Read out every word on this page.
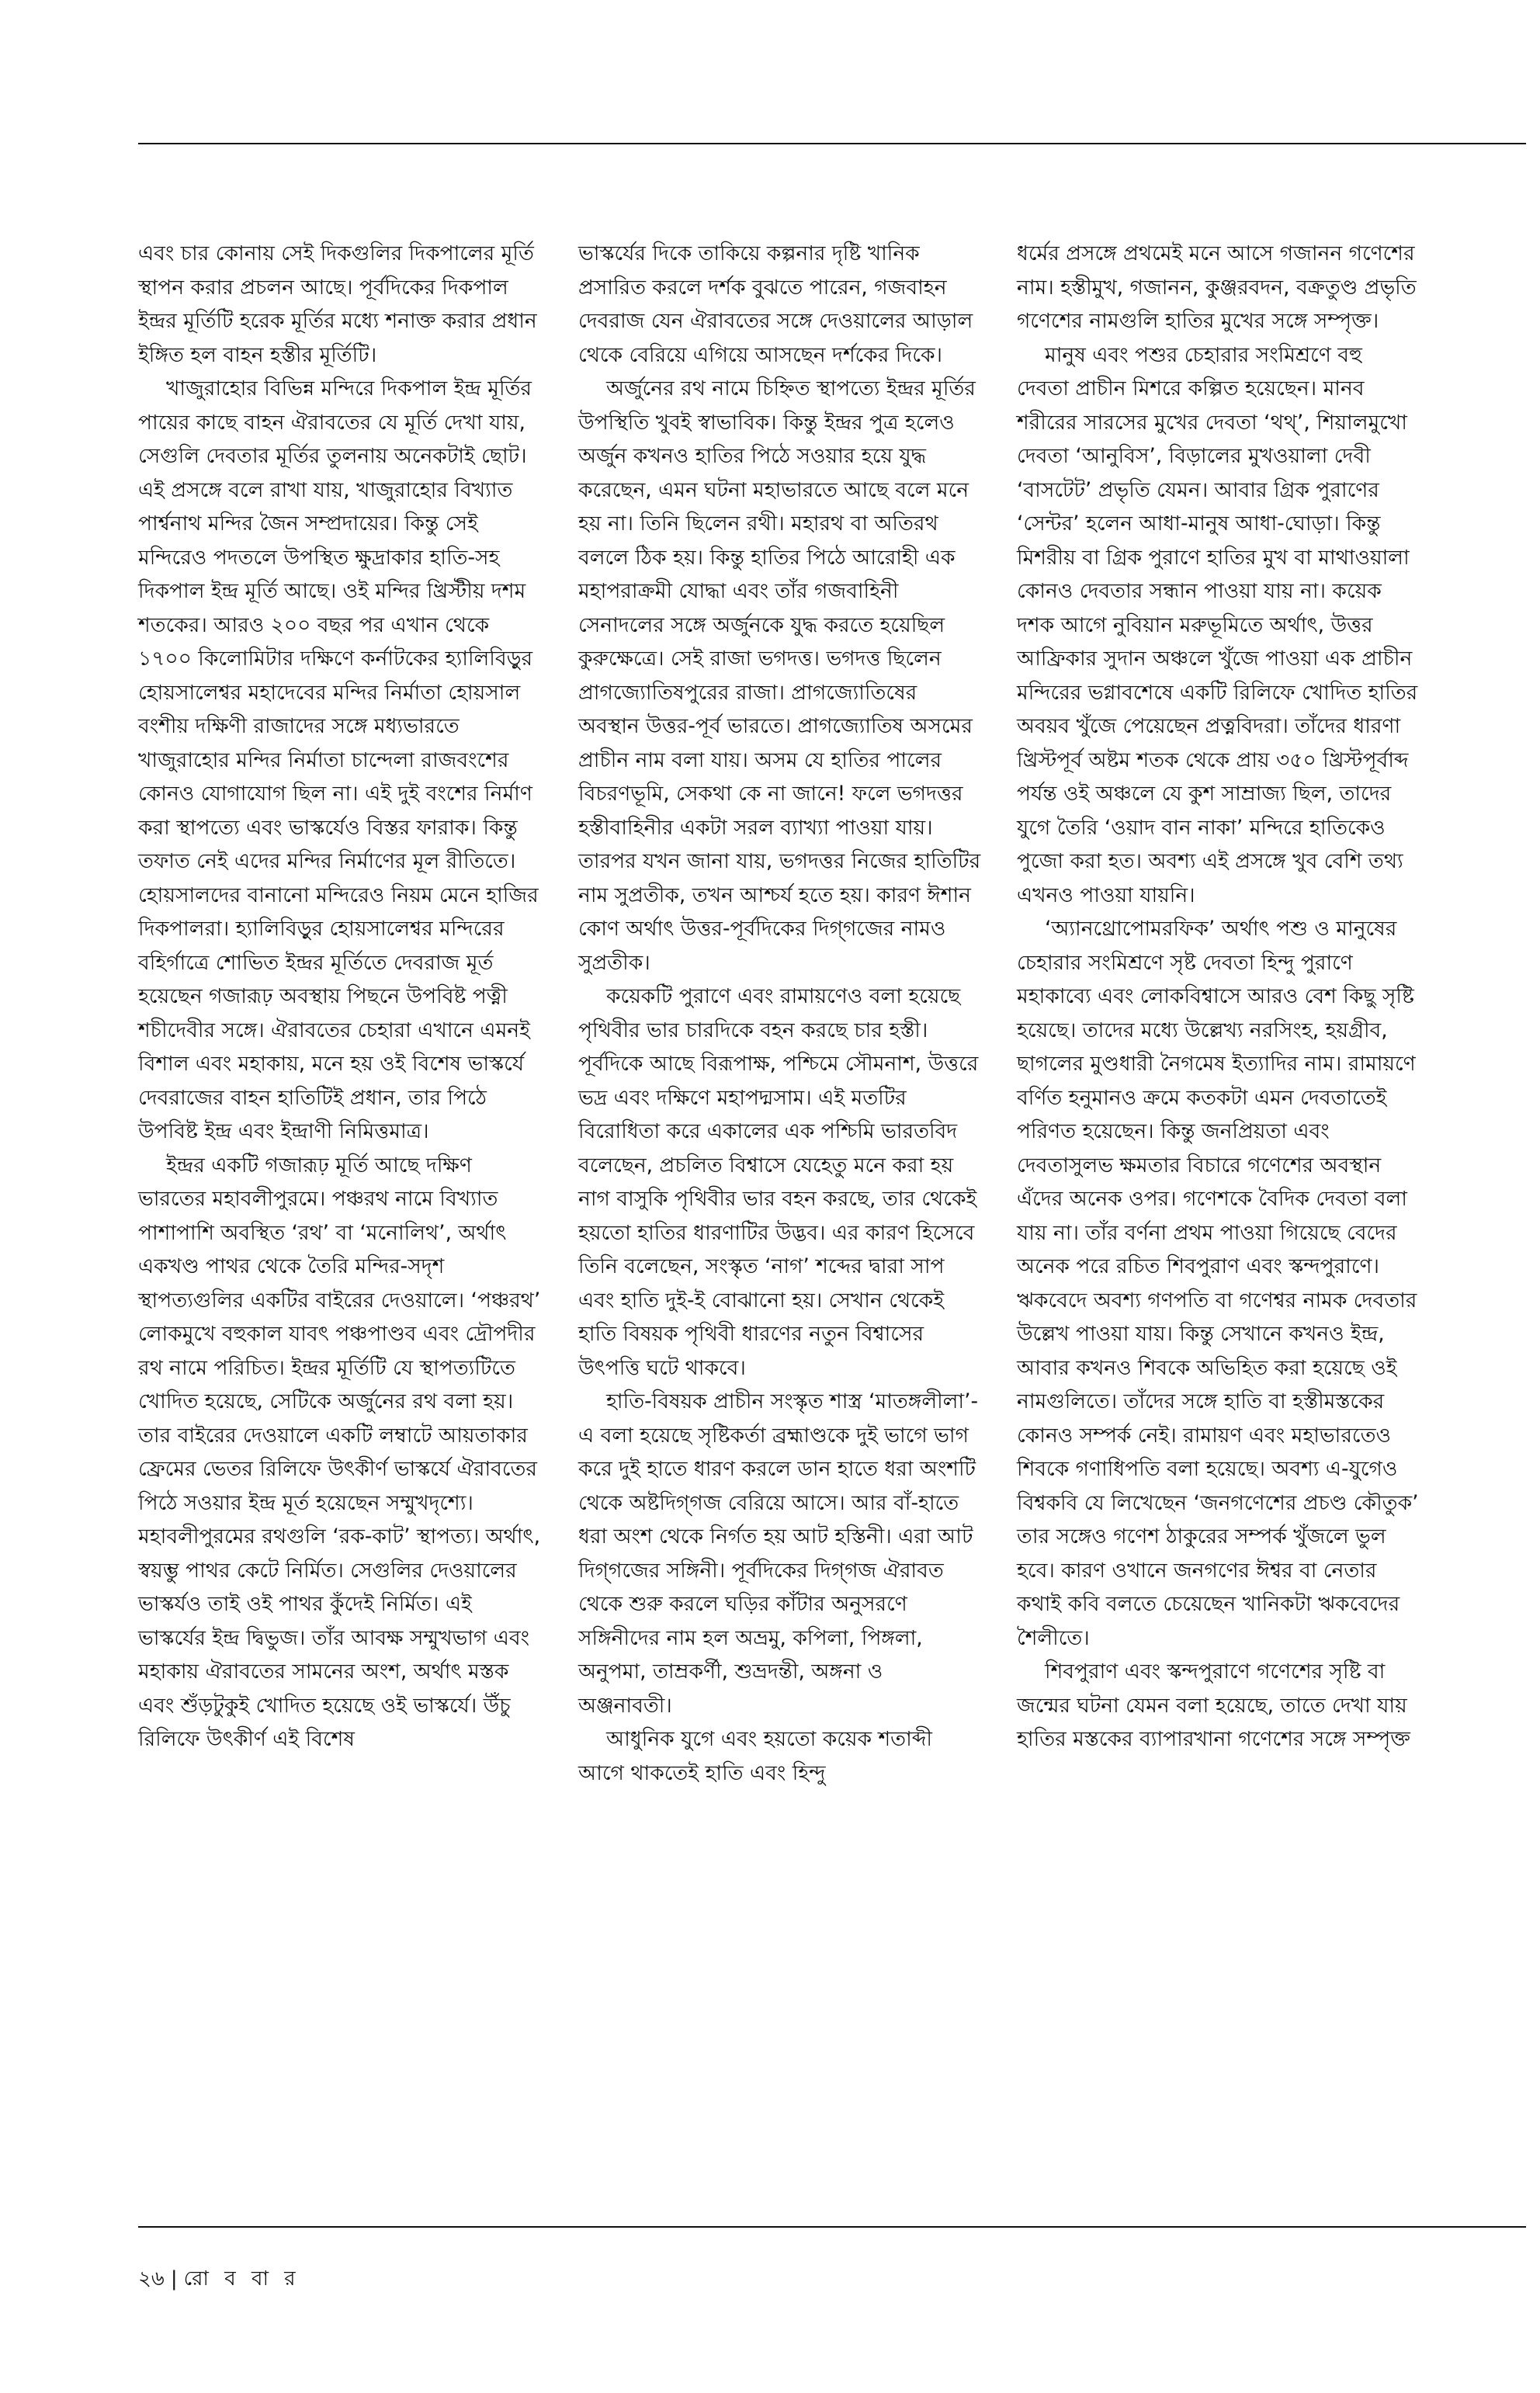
এবং চার কোনায় সেই দিকগুলির দিকপালের মূর্তি স্থাপন করার প্রচলন আছে। পূর্বদিকের দিকপাল ইন্দ্রর মূর্তিটি হরেক মূর্তির মধ্যে শনাক্ত করার প্রধান ইঙ্গিত হল বাহন হস্তীর মূর্তিটি।

খাজুরাহোর বিভিন্ন মন্দিরে দিকপাল ইন্দ্র মূর্তির পায়ের কাছে বাহন ঐরাবতের যে মূর্তি দেখা যায়, সেগুলি দেবতার মূর্তির তুলনায় অনেকটাই ছোট। এই প্রসঙ্গে বলে রাখা যায়, খাজুরাহোর বিখ্যাত পার্শ্বনাথ মন্দির জৈন সম্প্রদায়ের। কিন্তু সেই মন্দিরেও পদতলে উপস্থিত ক্ষুদ্রাকার হাতি-সহ দিকপাল ইন্দ্র মূর্তি আছে। ওই মন্দির খ্রিস্টীয় দশম শতকের। আরও ২০০ বছর পর এখান থেকে ১৭০০ কিলোমিটার দক্ষিণে কর্নাটকের হ্যালিবিড়ুর হোয়সালেশ্বর মহাদেবের মন্দির নির্মাতা হোয়সাল বংশীয় দক্ষিণী রাজাদের সঙ্গে মধ্যভারতে খাজুরাহোর মন্দির নির্মাতা চান্দেলা রাজবংশের কোনও যোগাযোগ ছিল না। এই দুই বংশের নির্মাণ করা স্থাপত্যে এবং ভাস্কর্যেও বিস্তর ফারাক। কিন্তু তফাত নেই এদের মন্দির নির্মাণের মূল রীতিতে। হোয়সালদের বানানো মন্দিরেও নিয়ম মেনে হাজির দিকপালরা। হ্যালিবিড়ুর হোয়সালেশ্বর মন্দিরের বহির্গাত্রে শোভিত ইন্দ্রর মূর্তিতে দেবরাজ মূর্ত হয়েছেন গজারূঢ় অবস্থায় পিছনে উপবিষ্ট পত্নী শচীদেবীর সঙ্গে। ঐরাবতের চেহারা এখানে এমনই বিশাল এবং মহাকায়, মনে হয় ওই বিশেষ ভাস্কর্যে দেবরাজের বাহন হাতিটিই প্রধান, তার পিঠে উপবিষ্ট ইন্দ্র এবং ইন্দ্রাণী নিমিত্তমাত্র।

ইন্দ্রর একটি গজারূঢ় মূর্তি আছে দক্ষিণ ভারতের মহাবলীপুরমে। পঞ্চরথ নামে বিখ্যাত পাশাপাশি অবস্থিত ‘রথ’ বা ‘মনোলিথ’, অর্থাৎ একখণ্ড পাথর থেকে তৈরি মন্দির-সদৃশ স্থাপত্যগুলির একটির বাইরের দেওয়ালে। ‘পঞ্চরথ’ লোকমুখে বহুকাল যাবৎ পঞ্চপাণ্ডব এবং দ্রৌপদীর রথ নামে পরিচিত। ইন্দ্রর মূর্তিটি যে স্থাপত্যটিতে খোদিত হয়েছে, সেটিকে অর্জুনের রথ বলা হয়। তার বাইরের দেওয়ালে একটি লম্বাটে আয়তাকার ফ্রেমের ভেতর রিলিফে উৎকীর্ণ ভাস্কর্যে ঐরাবতের পিঠে সওয়ার ইন্দ্র মূর্ত হয়েছেন সম্মুখদৃশ্যে। মহাবলীপুরমের রথগুলি ‘রক-কাট’ স্থাপত্য। অর্থাৎ, স্বয়ম্ভু পাথর কেটে নির্মিত। সেগুলির দেওয়ালের ভাস্কর্যও তাই ওই পাথর কুঁদেই নির্মিত। এই ভাস্কর্যের ইন্দ্র দ্বিভুজ। তাঁর আবক্ষ সম্মুখভাগ এবং মহাকায় ঐরাবতের সামনের অংশ, অর্থাৎ মস্তক এবং শুঁড়টুকুই খোদিত হয়েছে ওই ভাস্কর্যে। উঁচু রিলিফে উৎকীর্ণ এই বিশেষ

ভাস্কর্যের দিকে তাকিয়ে কল্পনার দৃষ্টি খানিক প্রসারিত করলে দর্শক বুঝতে পারেন, গজবাহন দেবরাজ যেন ঐরাবতের সঙ্গে দেওয়ালের আড়াল থেকে বেরিয়ে এগিয়ে আসছেন দর্শকের দিকে।

অর্জুনের রথ নামে চিহ্নিত স্থাপত্যে ইন্দ্রর মূর্তির উপস্থিতি খুবই স্বাভাবিক। কিন্তু ইন্দ্রর পুত্র হলেও অর্জুন কখনও হাতির পিঠে সওয়ার হয়ে যুদ্ধ করেছেন, এমন ঘটনা মহাভারতে আছে বলে মনে হয় না। তিনি ছিলেন রথী। মহারথ বা অতিরথ বললে ঠিক হয়। কিন্তু হাতির পিঠে আরোহী এক মহাপরাক্রমী যোদ্ধা এবং তাঁর গজবাহিনী সেনাদলের সঙ্গে অর্জুনকে যুদ্ধ করতে হয়েছিল কুরুক্ষেত্রে। সেই রাজা ভগদত্ত। ভগদত্ত ছিলেন প্রাগজ্যোতিষপুরের রাজা। প্রাগজ্যোতিষের অবস্থান উত্তর-পূর্ব ভারতে। প্রাগজ্যোতিষ অসমের প্রাচীন নাম বলা যায়। অসম যে হাতির পালের বিচরণভূমি, সেকথা কে না জানে! ফলে ভগদত্তর হস্তীবাহিনীর একটা সরল ব্যাখ্যা পাওয়া যায়। তারপর যখন জানা যায়, ভগদত্তর নিজের হাতিটির নাম সুপ্রতীক, তখন আশ্চর্য হতে হয়। কারণ ঈশান কোণ অর্থাৎ উত্তর-পূর্বদিকের দিগ্‌গজের নামও সুপ্রতীক।

কয়েকটি পুরাণে এবং রামায়ণেও বলা হয়েছে পৃথিবীর ভার চারদিকে বহন করছে চার হস্তী। পূর্বদিকে আছে বিরূপাক্ষ, পশ্চিমে সৌমনাশ, উত্তরে ভদ্র এবং দক্ষিণে মহাপদ্মসাম। এই মতটির বিরোধিতা করে একালের এক পশ্চিমি ভারতবিদ বলেছেন, প্রচলিত বিশ্বাসে যেহেতু মনে করা হয় নাগ বাসুকি পৃথিবীর ভার বহন করছে, তার থেকেই হয়তো হাতির ধারণাটির উদ্ভব। এর কারণ হিসেবে তিনি বলেছেন, সংস্কৃত ‘নাগ’ শব্দের দ্বারা সাপ এবং হাতি দুই-ই বোঝানো হয়। সেখান থেকেই হাতি বিষয়ক পৃথিবী ধারণের নতুন বিশ্বাসের উৎপত্তি ঘটে থাকবে।

হাতি-বিষয়ক প্রাচীন সংস্কৃত শাস্ত্র ‘মাতঙ্গলীলা’-এ বলা হয়েছে সৃষ্টিকর্তা ব্রহ্মাণ্ডকে দুই ভাগে ভাগ করে দুই হাতে ধারণ করলে ডান হাতে ধরা অংশটি থেকে অষ্টদিগ্‌গজ বেরিয়ে আসে। আর বাঁ-হাতে ধরা অংশ থেকে নির্গত হয় আট হস্তিনী। এরা আট দিগ্‌গজের সঙ্গিনী। পূর্বদিকের দিগ্‌গজ ঐরাবত থেকে শুরু করলে ঘড়ির কাঁটার অনুসরণে সঙ্গিনীদের নাম হল অভ্রমু, কপিলা, পিঙ্গলা, অনুপমা, তাম্রকর্ণী, শুভ্রদন্তী, অঙ্গনা ও অঞ্জনাবতী।

আধুনিক যুগে এবং হয়তো কয়েক শতাব্দী আগে থাকতেই হাতি এবং হিন্দু

ধর্মের প্রসঙ্গে প্রথমেই মনে আসে গজানন গণেশের নাম। হস্তীমুখ, গজানন, কুঞ্জরবদন, বক্রতুণ্ড প্রভৃতি গণেশের নামগুলি হাতির মুখের সঙ্গে সম্পৃক্ত।

মানুষ এবং পশুর চেহারার সংমিশ্রণে বহু দেবতা প্রাচীন মিশরে কল্পিত হয়েছেন। মানব শরীরের সারসের মুখের দেবতা ‘থথ্’, শিয়ালমুখো দেবতা ‘আনুবিস’, বিড়ালের মুখওয়ালা দেবী ‘বাসটেট’ প্রভৃতি যেমন। আবার গ্রিক পুরাণের ‘সেন্টর’ হলেন আধা-মানুষ আধা-ঘোড়া। কিন্তু মিশরীয় বা গ্রিক পুরাণে হাতির মুখ বা মাথাওয়ালা কোনও দেবতার সন্ধান পাওয়া যায় না। কয়েক দশক আগে নুবিয়ান মরুভূমিতে অর্থাৎ, উত্তর আফ্রিকার সুদান অঞ্চলে খুঁজে পাওয়া এক প্রাচীন মন্দিরের ভগ্নাবশেষে একটি রিলিফে খোদিত হাতির অবয়ব খুঁজে পেয়েছেন প্রত্নবিদরা। তাঁদের ধারণা খ্রিস্টপূর্ব অষ্টম শতক থেকে প্রায় ৩৫০ খ্রিস্টপূর্বাব্দ পর্যন্ত ওই অঞ্চলে যে কুশ সাম্রাজ্য ছিল, তাদের যুগে তৈরি ‘ওয়াদ বান নাকা’ মন্দিরে হাতিকেও পুজো করা হত। অবশ্য এই প্রসঙ্গে খুব বেশি তথ্য এখনও পাওয়া যায়নি।

‘অ্যানথ্রোপোমরফিক’ অর্থাৎ পশু ও মানুষের চেহারার সংমিশ্রণে সৃষ্ট দেবতা হিন্দু পুরাণে মহাকাব্যে এবং লোকবিশ্বাসে আরও বেশ কিছু সৃষ্টি হয়েছে। তাদের মধ্যে উল্লেখ্য নরসিংহ, হয়গ্রীব, ছাগলের মুণ্ডধারী নৈগমেষ ইত্যাদির নাম। রামায়ণে বর্ণিত হনুমানও ক্রমে কতকটা এমন দেবতাতেই পরিণত হয়েছেন। কিন্তু জনপ্রিয়তা এবং দেবতাসুলভ ক্ষমতার বিচারে গণেশের অবস্থান এঁদের অনেক ওপর। গণেশকে বৈদিক দেবতা বলা যায় না। তাঁর বর্ণনা প্রথম পাওয়া গিয়েছে বেদের অনেক পরে রচিত শিবপুরাণ এবং স্কন্দপুরাণে। ঋকবেদে অবশ্য গণপতি বা গণেশ্বর নামক দেবতার উল্লেখ পাওয়া যায়। কিন্তু সেখানে কখনও ইন্দ্র, আবার কখনও শিবকে অভিহিত করা হয়েছে ওই নামগুলিতে। তাঁদের সঙ্গে হাতি বা হস্তীমস্তকের কোনও সম্পর্ক নেই। রামায়ণ এবং মহাভারতেও শিবকে গণাধিপতি বলা হয়েছে। অবশ্য এ-যুগেও বিশ্বকবি যে লিখেছেন ‘জনগণেশের প্রচণ্ড কৌতুক’ তার সঙ্গেও গণেশ ঠাকুরের সম্পর্ক খুঁজলে ভুল হবে। কারণ ওখানে জনগণের ঈশ্বর বা নেতার কথাই কবি বলতে চেয়েছেন খানিকটা ঋকবেদের শৈলীতে।

শিবপুরাণ এবং স্কন্দপুরাণে গণেশের সৃষ্টি বা জন্মের ঘটনা যেমন বলা হয়েছে, তাতে দেখা যায় হাতির মস্তকের ব্যাপারখানা গণেশের সঙ্গে সম্পৃক্ত

২৬ | রো ব বা র
